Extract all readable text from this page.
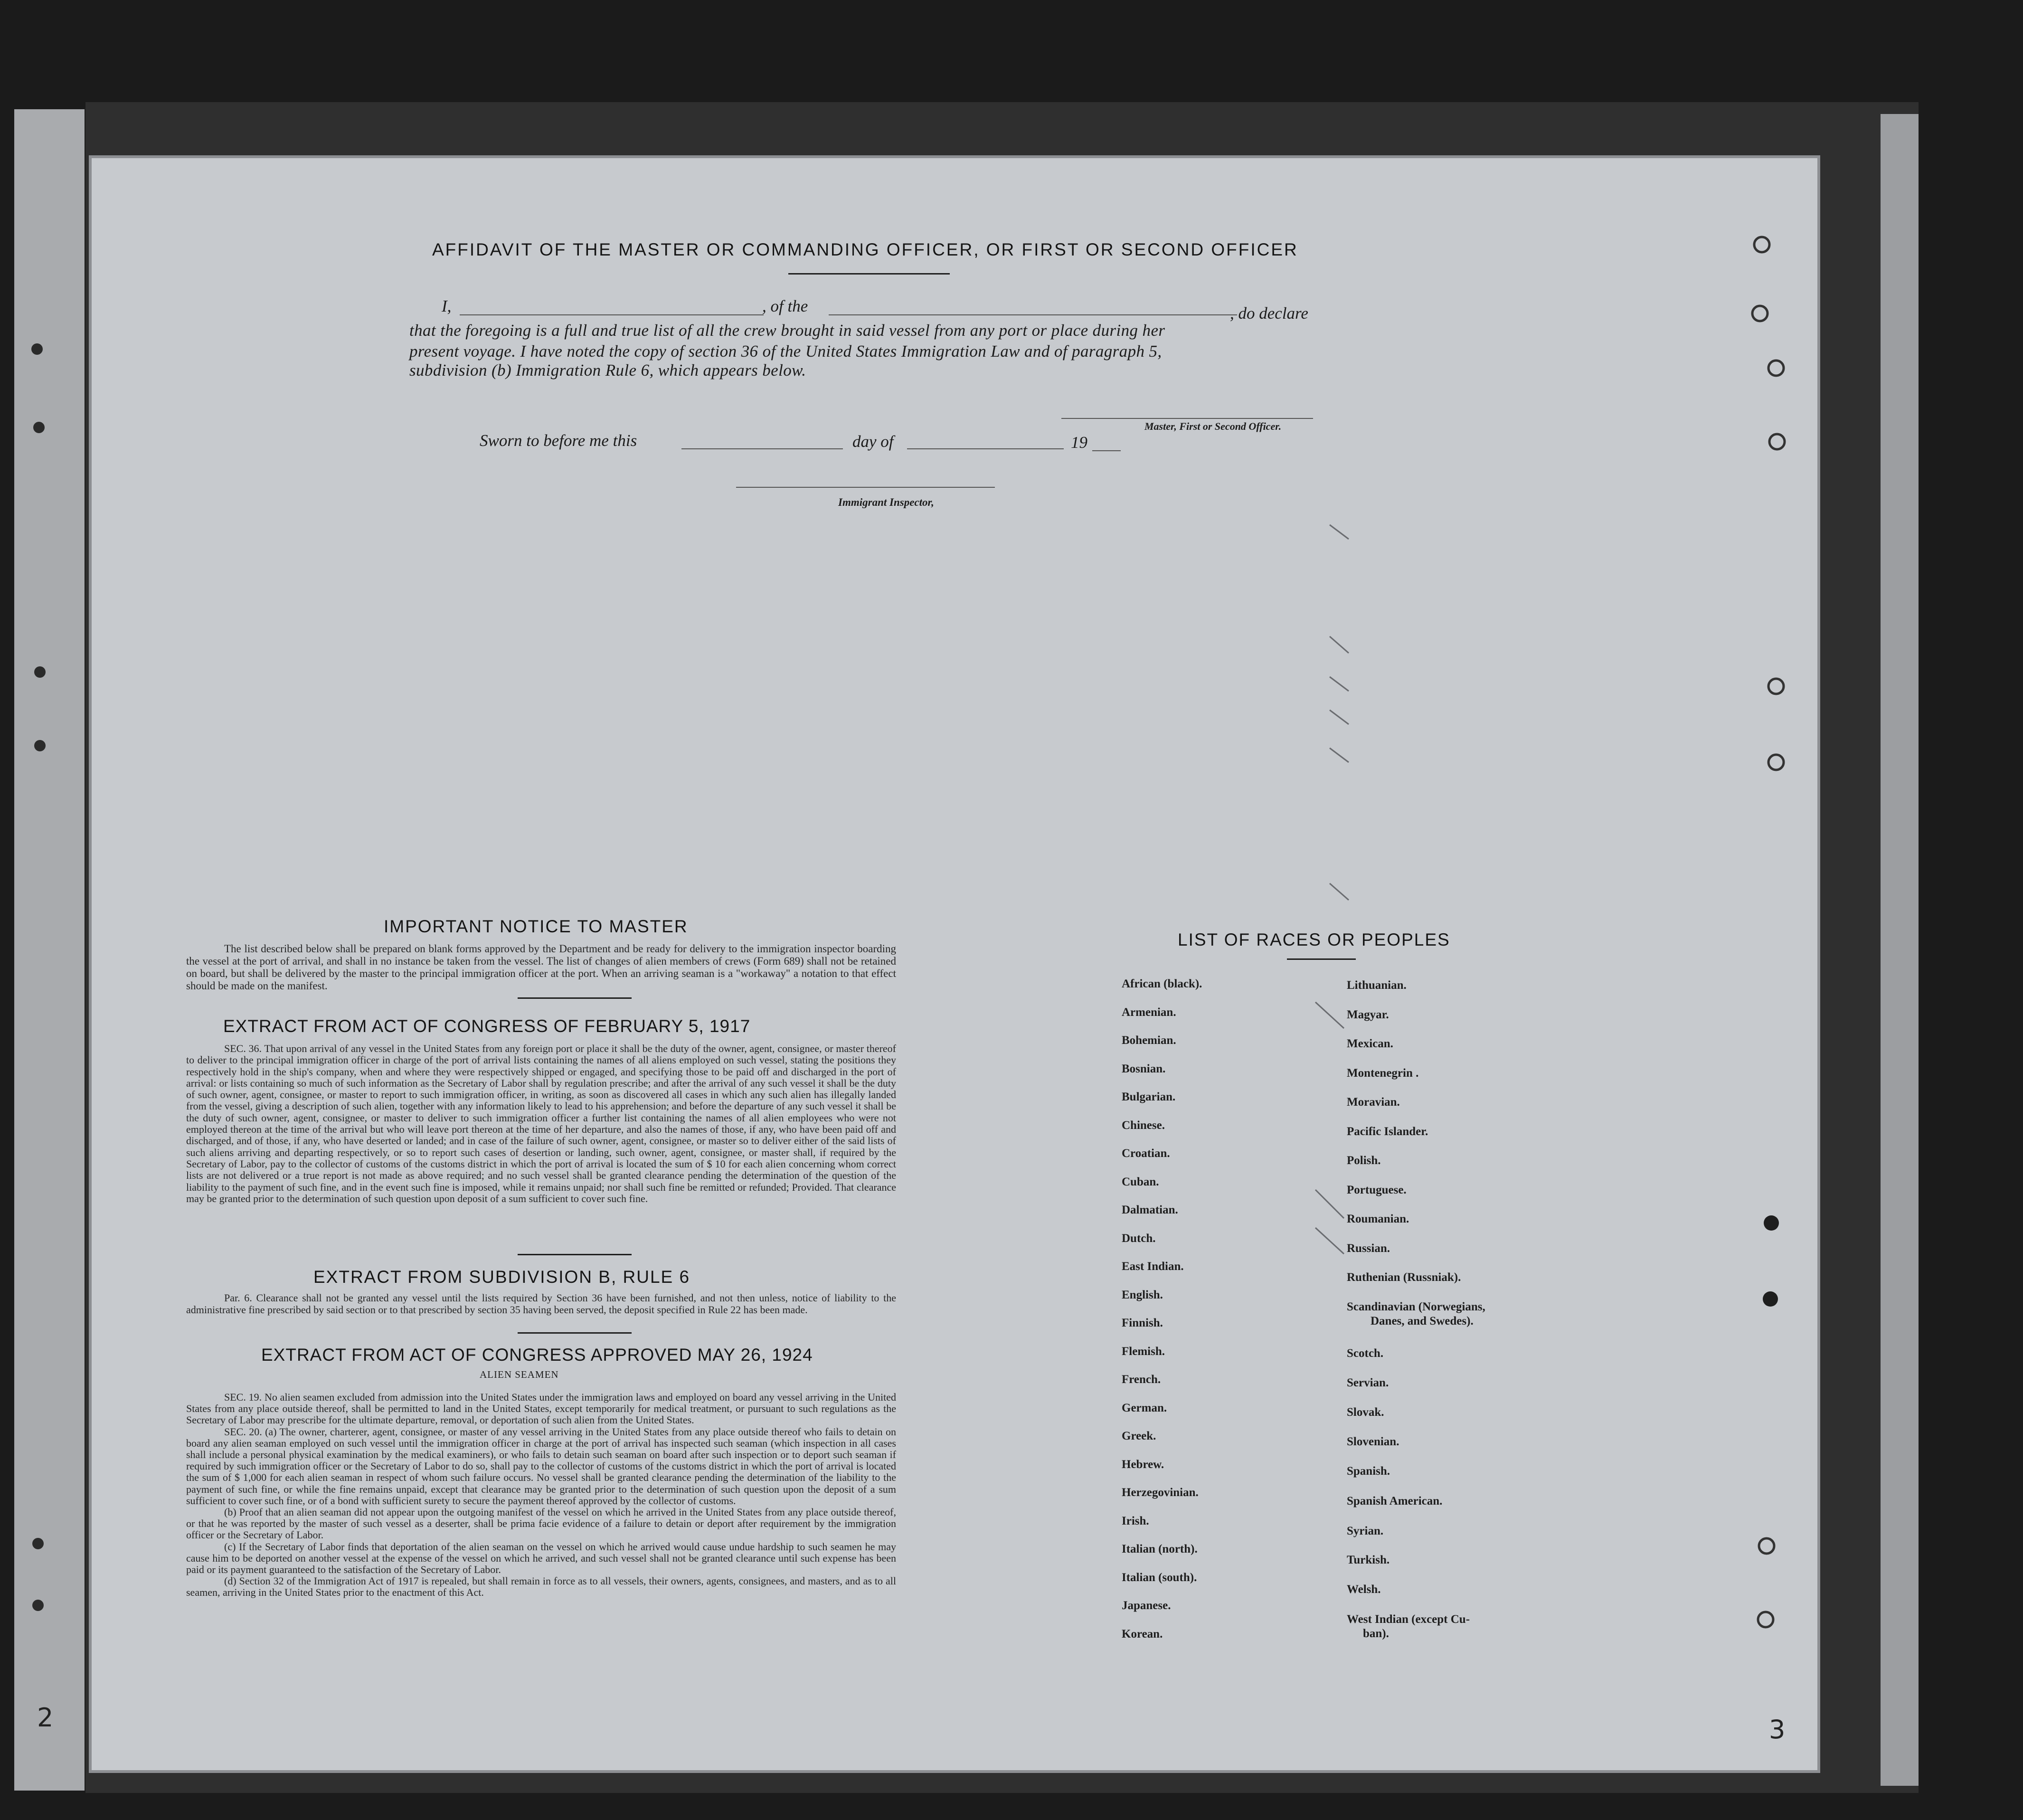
AFFIDAVIT OF THE MASTER OR COMMANDING OFFICER, OR FIRST OR SECOND OFFICER
I,	, of the	, do declare
that the foregoing is a full and true list of all the crew brought in said vessel from any port or place during her
present voyage. I have noted the copy of section 36 of the United States Immigration Law and of paragraph 5,
subdivision (b) Immigration Rule 6, which appears below.
Master, First or Second Officer.
Sworn to before me this	day of	19
Immigrant Inspector,
IMPORTANT NOTICE TO MASTER
The list described below shall be prepared on blank forms approved by the Department and be ready for delivery to the immigration inspector boarding the vessel at the port of arrival, and shall in no instance be taken from the vessel. The list of changes of alien members of crews (Form 689) shall not be retained on board, but shall be delivered by the master to the principal immigration officer at the port. When an arriving seaman is a "workaway" a notation to that effect should be made on the manifest.
EXTRACT FROM ACT OF CONGRESS OF FEBRUARY 5, 1917
SEC. 36. That upon arrival of any vessel in the United States from any foreign port or place it shall be the duty of the owner, agent, consignee, or master thereof to deliver to the principal immigration officer in charge of the port of arrival lists containing the names of all aliens employed on such vessel, stating the positions they respectively hold in the ship's company, when and where they were respectively shipped or engaged, and specifying those to be paid off and discharged in the port of arrival: or lists containing so much of such information as the Secretary of Labor shall by regulation prescribe; and after the arrival of any such vessel it shall be the duty of such owner, agent, consignee, or master to report to such immigration officer, in writing, as soon as discovered all cases in which any such alien has illegally landed from the vessel, giving a description of such alien, together with any information likely to lead to his apprehension; and before the departure of any such vessel it shall be the duty of such owner, agent, consignee, or master to deliver to such immigration officer a further list containing the names of all alien employees who were not employed thereon at the time of the arrival but who will leave port thereon at the time of her departure, and also the names of those, if any, who have been paid off and discharged, and of those, if any, who have deserted or landed; and in case of the failure of such owner, agent, consignee, or master so to deliver either of the said lists of such aliens arriving and departing respectively, or so to report such cases of desertion or landing, such owner, agent, consignee, or master shall, if required by the Secretary of Labor, pay to the collector of customs of the customs district in which the port of arrival is located the sum of $ 10 for each alien concerning whom correct lists are not delivered or a true report is not made as above required; and no such vessel shall be granted clearance pending the determination of the question of the liability to the payment of such fine, and in the event such fine is imposed, while it remains unpaid; nor shall such fine be remitted or refunded; Provided. That clearance may be granted prior to the determination of such question upon deposit of a sum sufficient to cover such fine.
EXTRACT FROM SUBDIVISION B, RULE 6
Par. 6. Clearance shall not be granted any vessel until the lists required by Section 36 have been furnished, and not then unless, notice of liability to the administrative fine prescribed by said section or to that prescribed by section 35 having been served, the deposit specified in Rule 22 has been made.
EXTRACT FROM ACT OF CONGRESS APPROVED MAY 26, 1924
ALIEN SEAMEN

SEC. 19. No alien seamen excluded from admission into the United States under the immigration laws and employed on board any vessel arriving in the United States from any place outside thereof, shall be permitted to land in the United States, except temporarily for medical treatment, or pursuant to such regulations as the Secretary of Labor may prescribe for the ultimate departure, removal, or deportation of such alien from the United States.

SEC. 20. (a) The owner, charterer, agent, consignee, or master of any vessel arriving in the United States from any place outside thereof who fails to detain on board any alien seaman employed on such vessel until the immigration officer in charge at the port of arrival has inspected such seaman (which inspection in all cases shall include a personal physical examination by the medical examiners), or who fails to detain such seaman on board after such inspection or to deport such seaman if required by such immigration officer or the Secretary of Labor to do so, shall pay to the collector of customs of the customs district in which the port of arrival is located the sum of $ 1,000 for each alien seaman in respect of whom such failure occurs. No vessel shall be granted clearance pending the determination of the liability to the payment of such fine, or while the fine remains unpaid, except that clearance may be granted prior to the determination of such question upon the deposit of a sum sufficient to cover such fine, or of a bond with sufficient surety to secure the payment thereof approved by the collector of customs.

(b) Proof that an alien seaman did not appear upon the outgoing manifest of the vessel on which he arrived in the United States from any place outside thereof, or that he was reported by the master of such vessel as a deserter, shall be prima facie evidence of a failure to detain or deport after requirement by the immigration officer or the Secretary of Labor.

(c) If the Secretary of Labor finds that deportation of the alien seaman on the vessel on which he arrived would cause undue hardship to such seamen he may cause him to be deported on another vessel at the expense of the vessel on which he arrived, and such vessel shall not be granted clearance until such expense has been paid or its payment guaranteed to the satisfaction of the Secretary of Labor.

(d) Section 32 of the Immigration Act of 1917 is repealed, but shall remain in force as to all vessels, their owners, agents, consignees, and masters, and as to all seamen, arriving in the United States prior to the enactment of this Act.

LIST OF RACES OR PEOPLES
African (black).
Armenian.
Bohemian.
Bosnian.
Bulgarian.
Chinese.
Croatian.
Cuban.
Dalmatian.
Dutch.
East Indian.
English.
Finnish.
Flemish.
French.
German.
Greek.
Hebrew.
Herzegovinian.
Irish.
Italian (north).
Italian (south).
Japanese.
Korean.
Lithuanian.
Magyar.
Mexican.
Montenegrin .
Moravian.
Pacific Islander.
Polish.
Portuguese.
Roumanian.
Russian.
Ruthenian (Russniak).
Scandinavian (Norwegians,
Danes, and Swedes).
Scotch.
Servian.
Slovak.
Slovenian.
Spanish.
Spanish American.
Syrian.
Turkish.
Welsh.
West Indian (except Cu-
ban).
2	3
